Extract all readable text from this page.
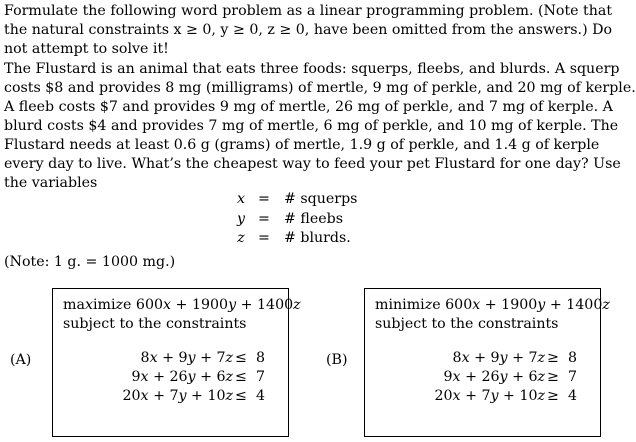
Formulate the following word problem as a linear programming problem. (Note that
the natural constraints x ≥ 0, y ≥ 0, z ≥ 0, have been omitted from the answers.) Do
not attempt to solve it!
The Flustard is an animal that eats three foods: squerps, fleebs, and blurds. A squerp
costs $8 and provides 8 mg (milligrams) of mertle, 9 mg of perkle, and 20 mg of kerple.
A fleeb costs $7 and provides 9 mg of mertle, 26 mg of perkle, and 7 mg of kerple. A
blurd costs $4 and provides 7 mg of mertle, 6 mg of perkle, and 10 mg of kerple. The
Flustard needs at least 0.6 g (grams) of mertle, 1.9 g of perkle, and 1.4 g of kerple
every day to live. What’s the cheapest way to feed your pet Flustard for one day? Use
the variables
x = # squerps
y = # fleebs
z = # blurds.
(Note: 1 g. = 1000 mg.)
(A)
maximize 600x + 1900y + 1400z
subject to the constraints
8x + 9y + 7z ≤ 8
9x + 26y + 6z ≤ 7
20x + 7y + 10z ≤ 4
(B)
minimize 600x + 1900y + 1400z
subject to the constraints
8x + 9y + 7z ≥ 8
9x + 26y + 6z ≥ 7
20x + 7y + 10z ≥ 4
